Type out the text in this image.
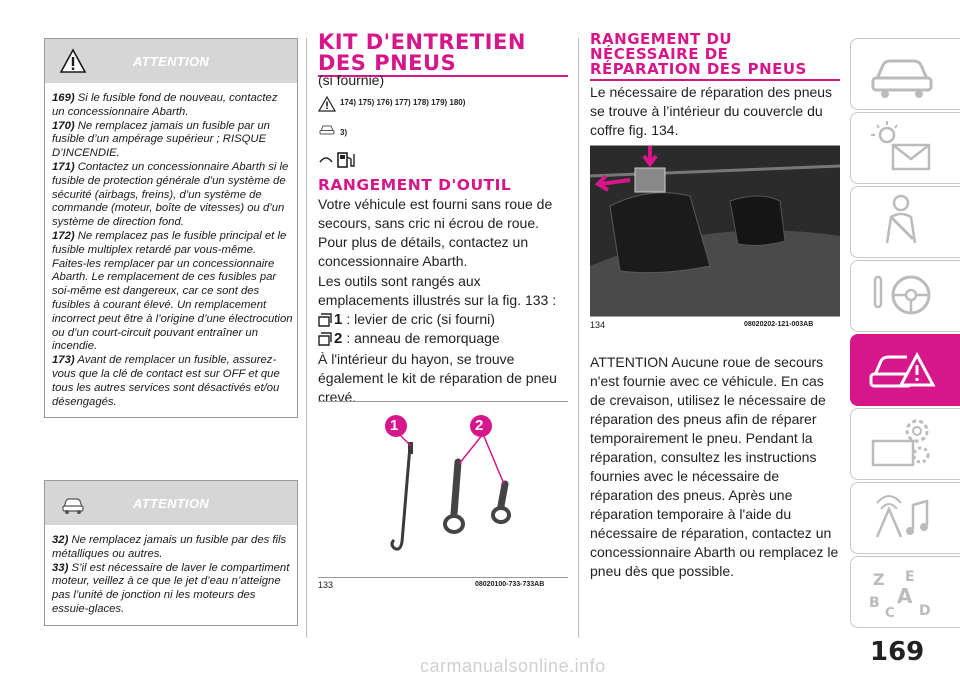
ATTENTION

169) Si le fusible fond de nouveau, contactez un concessionnaire Abarth.

170) Ne remplacez jamais un fusible par un fusible d’un ampérage supérieur ; RISQUE D’INCENDIE.

171) Contactez un concessionnaire Abarth si le fusible de protection générale d’un système de sécurité (airbags, freins), d’un système de commande (moteur, boîte de vitesses) ou d’un système de direction fond.

172) Ne remplacez pas le fusible principal et le fusible multiplex retardé par vous-même. Faites-les remplacer par un concessionnaire Abarth. Le remplacement de ces fusibles par soi-même est dangereux, car ce sont des fusibles à courant élevé. Un remplacement incorrect peut être à l’origine d’une électrocution ou d’un court-circuit pouvant entraîner un incendie.

173) Avant de remplacer un fusible, assurez-vous que la clé de contact est sur OFF et que tous les autres services sont désactivés et/ou désengagés.

ATTENTION

32) Ne remplacez jamais un fusible par des fils métalliques ou autres.

33) S’il est nécessaire de laver le compartiment moteur, veillez à ce que le jet d’eau n’atteigne pas l’unité de jonction ni les moteurs des essuie-glaces.

KIT D'ENTRETIEN
DES PNEUS
(si fournie)
174) 175) 176) 177) 178) 179) 180)
3)
RANGEMENT D'OUTIL
Votre véhicule est fourni sans roue de secours, sans cric ni écrou de roue. Pour plus de détails, contactez un concessionnaire Abarth.
Les outils sont rangés aux emplacements illustrés sur la fig. 133 :
1 : levier de cric (si fourni)
2 : anneau de remorquage
À l'intérieur du hayon, se trouve également le kit de réparation de pneu crevé.
1	2
133	08020100-733-733AB
RANGEMENT DU
NÉCESSAIRE DE
RÉPARATION DES PNEUS
Le nécessaire de réparation des pneus se trouve à l’intérieur du couvercle du coffre fig. 134.
134	08020202-121-003AB
ATTENTION Aucune roue de secours n'est fournie avec ce véhicule. En cas de crevaison, utilisez le nécessaire de réparation des pneus afin de réparer temporairement le pneu. Pendant la réparation, consultez les instructions fournies avec le nécessaire de réparation des pneus. Après une réparation temporaire à l'aide du nécessaire de réparation, contactez un concessionnaire Abarth ou remplacez le pneu dès que possible.	Z E
B A
C D
169
carmanualsonline.info
